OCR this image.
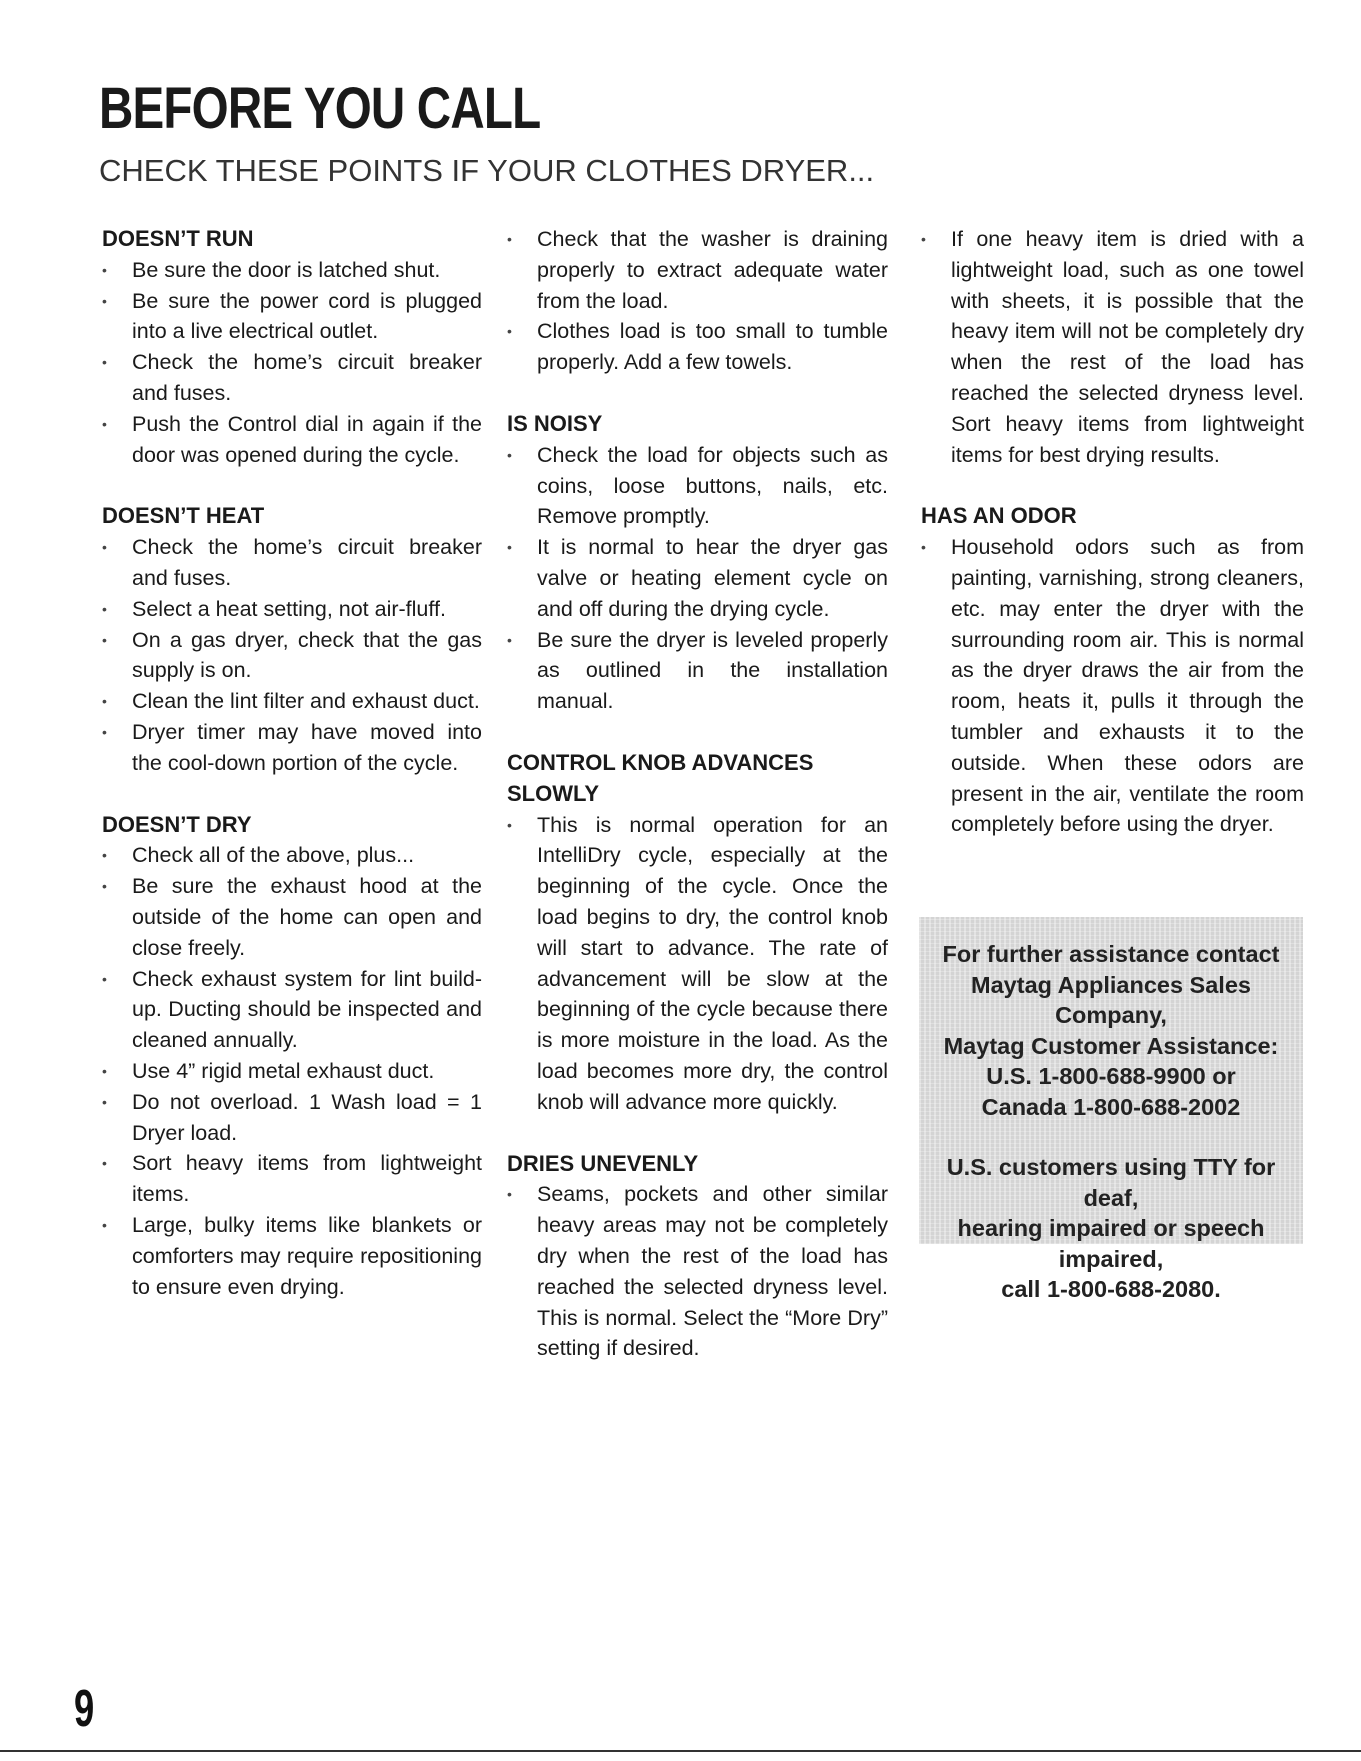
BEFORE YOU CALL
CHECK THESE POINTS IF YOUR CLOTHES DRYER...
DOESN’T RUN
•	Be sure the door is latched shut.
•	Be sure the power cord is plugged into a live electrical outlet.
•	Check the home’s circuit breaker and fuses.
•	Push the Control dial in again if the door was opened during the cycle.
DOESN’T HEAT
•	Check the home’s circuit breaker and fuses.
•	Select a heat setting, not air-fluff.
•	On a gas dryer, check that the gas supply is on.
•	Clean the lint filter and exhaust duct.
•	Dryer timer may have moved into the cool-down portion of the cycle.
DOESN’T DRY
•	Check all of the above, plus...
•	Be sure the exhaust hood at the outside of the home can open and close freely.
•	Check exhaust system for lint build-up. Ducting should be inspected and cleaned annually.
•	Use 4” rigid metal exhaust duct.
•	Do not overload. 1 Wash load = 1 Dryer load.
•	Sort heavy items from lightweight items.
•	Large, bulky items like blankets or comforters may require repositioning to ensure even drying.
•	Check that the washer is draining properly to extract adequate water from the load.
•	Clothes load is too small to tumble properly. Add a few towels.
IS NOISY
•	Check the load for objects such as coins, loose buttons, nails, etc. Remove promptly.
•	It is normal to hear the dryer gas valve or heating element cycle on and off during the drying cycle.
•	Be sure the dryer is leveled properly as outlined in the installation manual.
CONTROL KNOB ADVANCES SLOWLY
•	This is normal operation for an IntelliDry cycle, especially at the beginning of the cycle. Once the load begins to dry, the control knob will start to advance. The rate of advancement will be slow at the beginning of the cycle because there is more moisture in the load. As the load becomes more dry, the control knob will advance more quickly.
DRIES UNEVENLY
•	Seams, pockets and other similar heavy areas may not be completely dry when the rest of the load has reached the selected dryness level. This is normal. Select the “More Dry” setting if desired.
•	If one heavy item is dried with a lightweight load, such as one towel with sheets, it is possible that the heavy item will not be completely dry when the rest of the load has reached the selected dryness level. Sort heavy items from lightweight items for best drying results.
HAS AN ODOR
•	Household odors such as from painting, varnishing, strong cleaners, etc. may enter the dryer with the surrounding room air. This is normal as the dryer draws the air from the room, heats it, pulls it through the tumbler and exhausts it to the outside. When these odors are present in the air, ventilate the room completely before using the dryer.
For further assistance contact
Maytag Appliances Sales Company,
Maytag Customer Assistance:
U.S. 1-800-688-9900 or
Canada 1-800-688-2002
U.S. customers using TTY for deaf,
hearing impaired or speech impaired,
call 1-800-688-2080.
9
